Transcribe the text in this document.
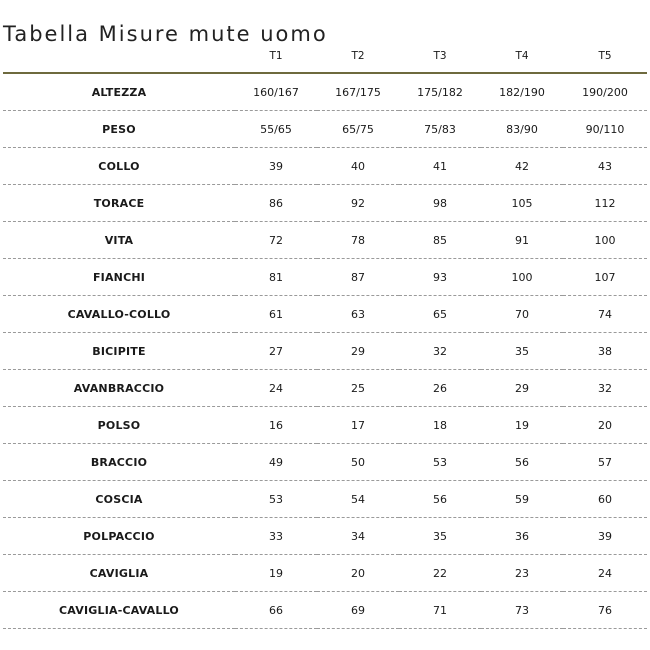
Tabella Misure mute uomo
	T1	T2	T3	T4	T5
ALTEZZA	160/167	167/175	175/182	182/190	190/200
PESO	55/65	65/75	75/83	83/90	90/110
COLLO	39	40	41	42	43
TORACE	86	92	98	105	112
VITA	72	78	85	91	100
FIANCHI	81	87	93	100	107
CAVALLO-COLLO	61	63	65	70	74
BICIPITE	27	29	32	35	38
AVANBRACCIO	24	25	26	29	32
POLSO	16	17	18	19	20
BRACCIO	49	50	53	56	57
COSCIA	53	54	56	59	60
POLPACCIO	33	34	35	36	39
CAVIGLIA	19	20	22	23	24
CAVIGLIA-CAVALLO	66	69	71	73	76
